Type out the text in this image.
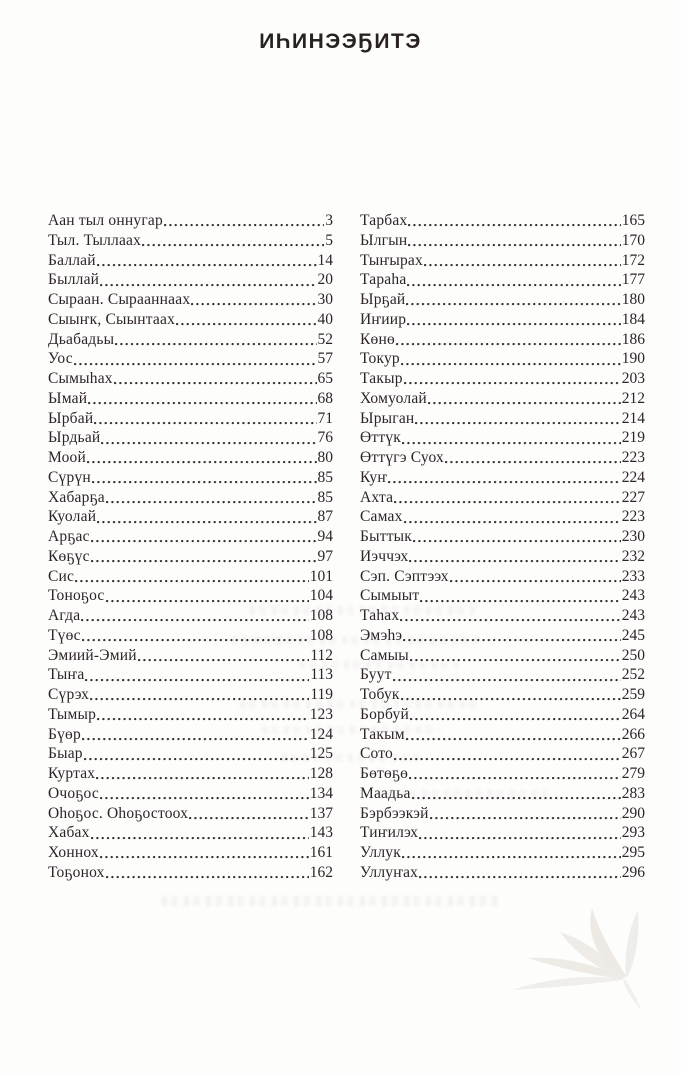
ИҺИНЭЭҔИТЭ
Аан тыл оннугар	3
Тыл. Тыллаах	5
Баллай	14
Быллай	20
Сыраан. Сырааннаах	30
Сыыҥк, Сыынтаах	40
Дьабадьы	52
Уос	57
Сымыһах	65
Ымай	68
Ырбай	71
Ырдьай	76
Моой	80
Сүрүн	85
Хабарҕа	85
Куолай	87
Арҕас	94
Көҕүс	97
Сис	101
Тоноҕос	104
Агда	108
Түөс	108
Эмиий-Эмий	112
Тыҥа	113
Сүрэх	119
Тымыр	123
Бүөр	124
Быар	125
Куртах	128
Очоҕос	134
Оһоҕос. Оһоҕостоох	137
Хабах	143
Хоннох	161
Тоҕонох	162
Тарбах	165
Ылгын	170
Тыҥырах	172
Тараһа	177
Ырҕай	180
Иҥиир	184
Көнө	186
Токур	190
Такыр	203
Хомуолай	212
Ырыган	214
Өттүк	219
Өттүгэ Суох	223
Куҥ	224
Ахта	227
Самах	223
Быттык	230
Иэччэх	232
Сэп. Сэптээх	233
Сымыыт	243
Таһах	243
Эмэһэ	245
Самыы	250
Буут	252
Тобук	259
Борбуй	264
Такым	266
Сото	267
Бөтөҕө	279
Маадьа	283
Бэрбээкэй	290
Тиҥилэх	293
Уллук	295
Уллуҥах	296
